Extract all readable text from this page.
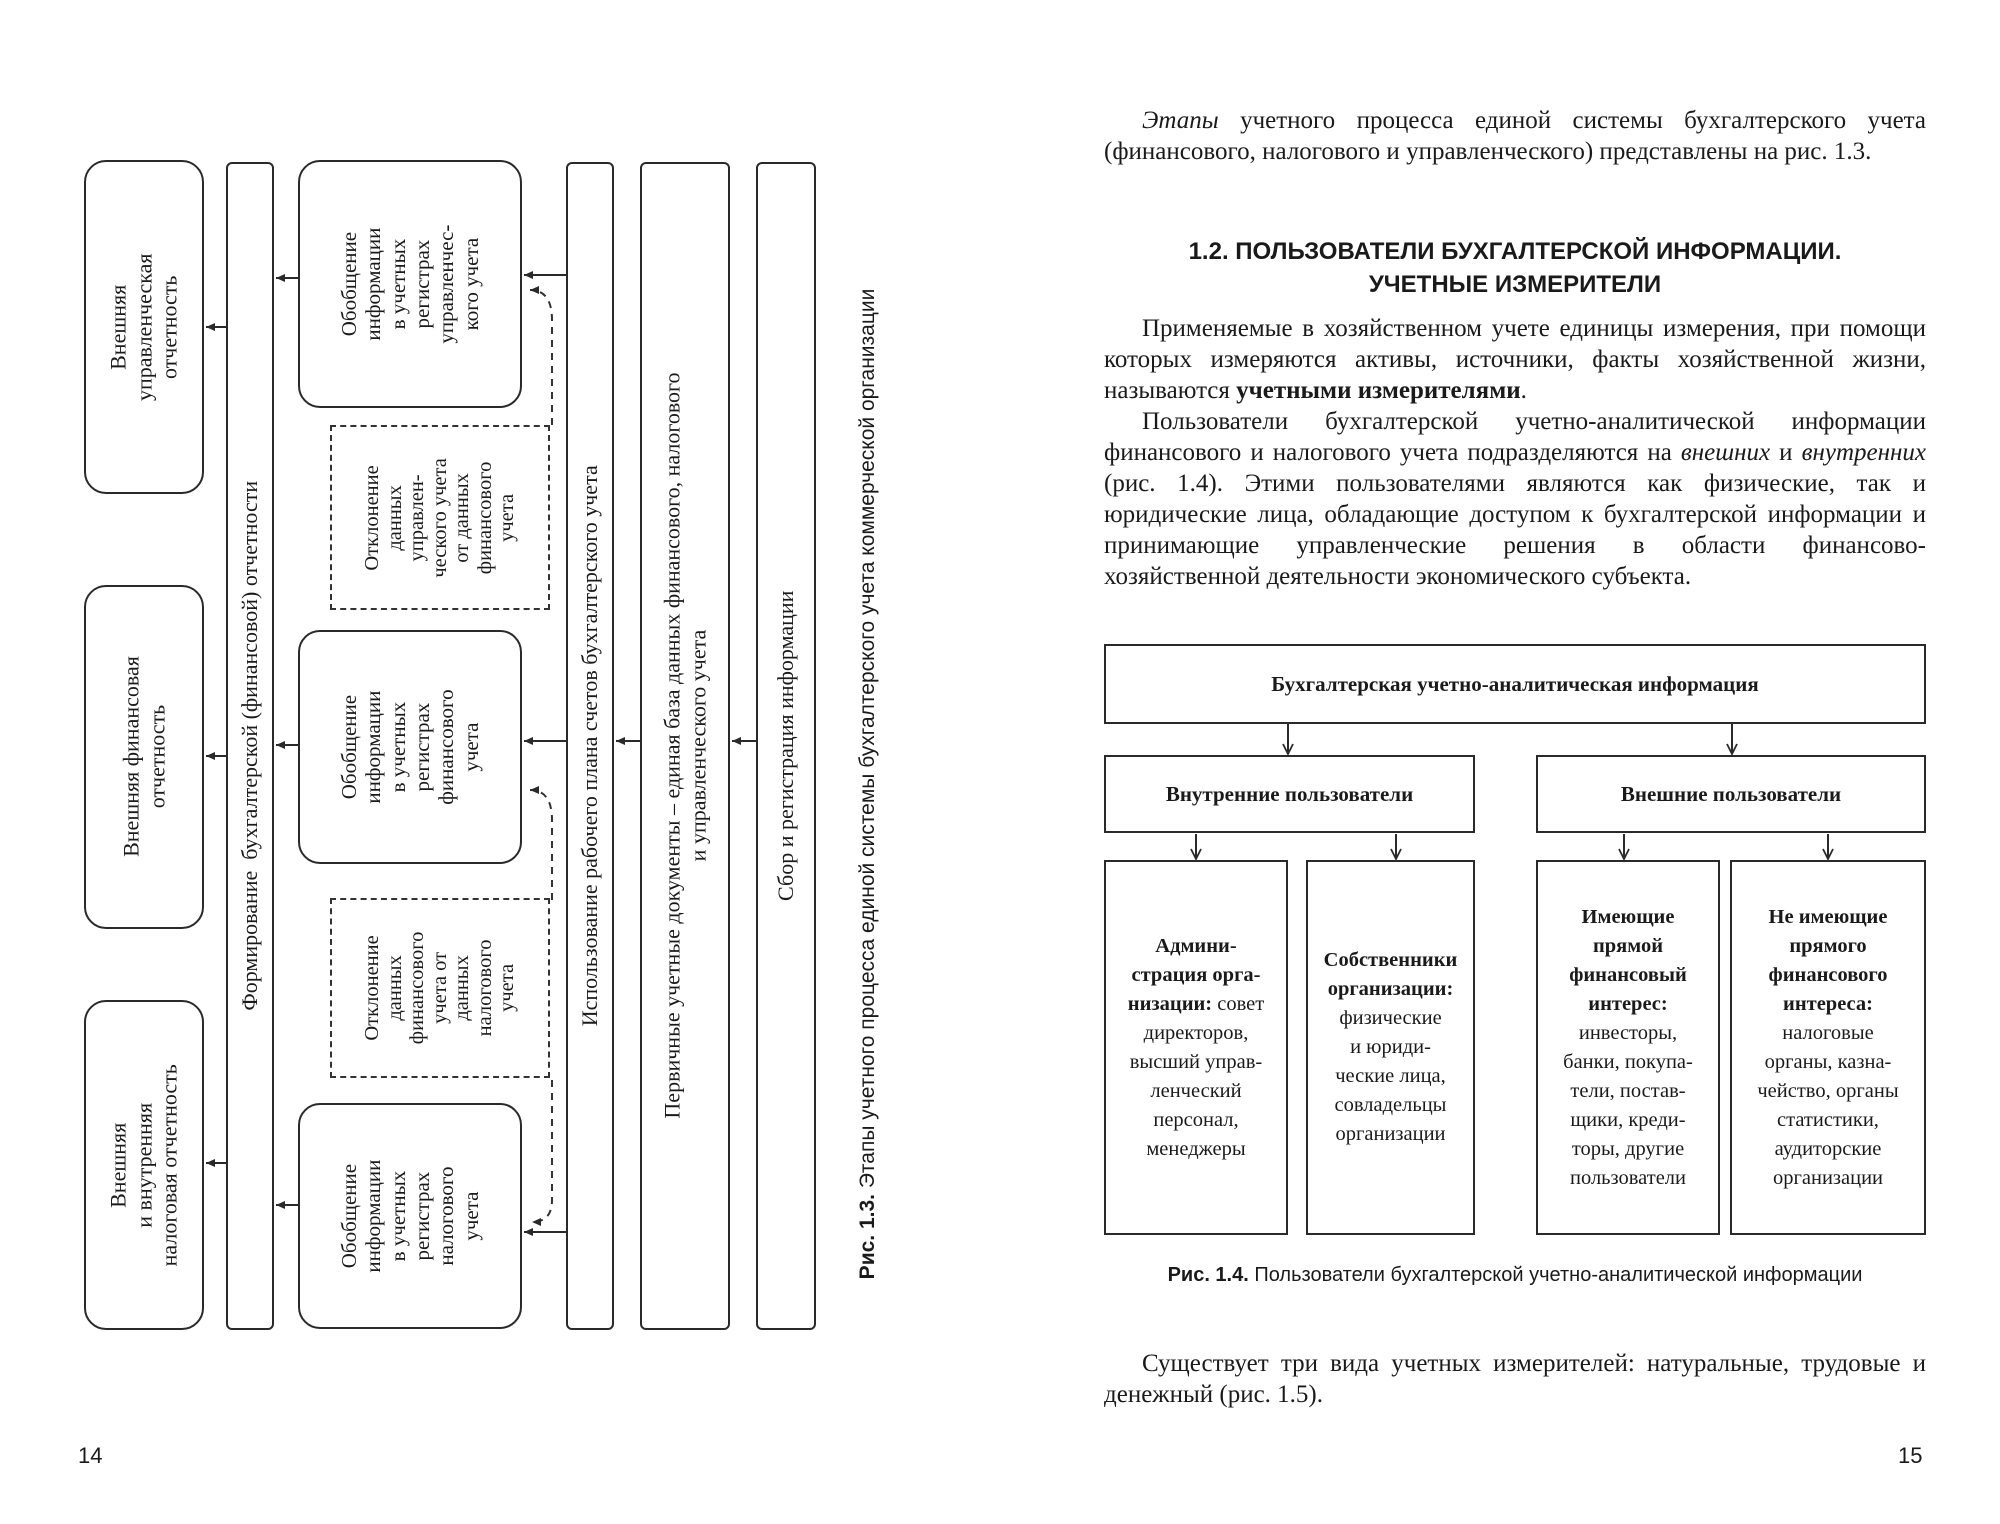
Внешняя управленческая отчетность
Внешняя финансовая отчетность
Внешняя и внутренняя налоговая отчетность
Формирование  бухгалтерской (финансовой) отчетности
Обобщение информации в учетных регистрах управленчес- кого учета
Отклонение данных управлен- ческого учета от данных финансового учета
Обобщение информации в учетных регистрах финансового учета
Отклонение данных финансового учета от данных налогового учета
Обобщение информации в учетных регистрах налогового учета
Использование рабочего плана счетов бухгалтерского учета	Первичные учетные документы – единая база данных финансового, налогового и управленческого учета	Сбор и регистрация информации
Рис. 1.3. Этапы учетного процесса единой системы бухгалтерского учета коммерческой организации
14
Этапы учетного процесса единой системы бухгалтерского учета (финансового, налогового и управленческого) представлены на рис. 1.3.
1.2. ПОЛЬЗОВАТЕЛИ БУХГАЛТЕРСКОЙ ИНФОРМАЦИИ.
УЧЕТНЫЕ ИЗМЕРИТЕЛИ
Применяемые в хозяйственном учете единицы измерения, при помощи которых измеряются активы, источники, факты хозяйственной жизни, называются учетными измерителями.
Пользователи бухгалтерской учетно-аналитической информации финансового и налогового учета подразделяются на внешних и внутренних (рис. 1.4). Этими пользователями являются как физические, так и юридические лица, обладающие доступом к бухгалтерской информации и принимающие управленческие решения в области финансово-хозяйственной деятельности экономического субъекта.
Бухгалтерская учетно-аналитическая информация
Внутренние пользователи	Внешние пользователи
Админи-
страция орга-
низации: совет
директоров,
высший управ-
ленческий
персонал,
менеджеры
Собственники
организации:
физические
и юриди-
ческие лица,
совладельцы
организации
Имеющие
прямой
финансовый
интерес:
инвесторы,
банки, покупа-
тели, постав-
щики, креди-
торы, другие
пользователи
Не имеющие
прямого
финансового
интереса:
налоговые
органы, казна-
чейство, органы
статистики,
аудиторские
организации
Рис. 1.4. Пользователи бухгалтерской учетно-аналитической информации
Существует три вида учетных измерителей: натуральные, трудовые и денежный (рис. 1.5).
15
